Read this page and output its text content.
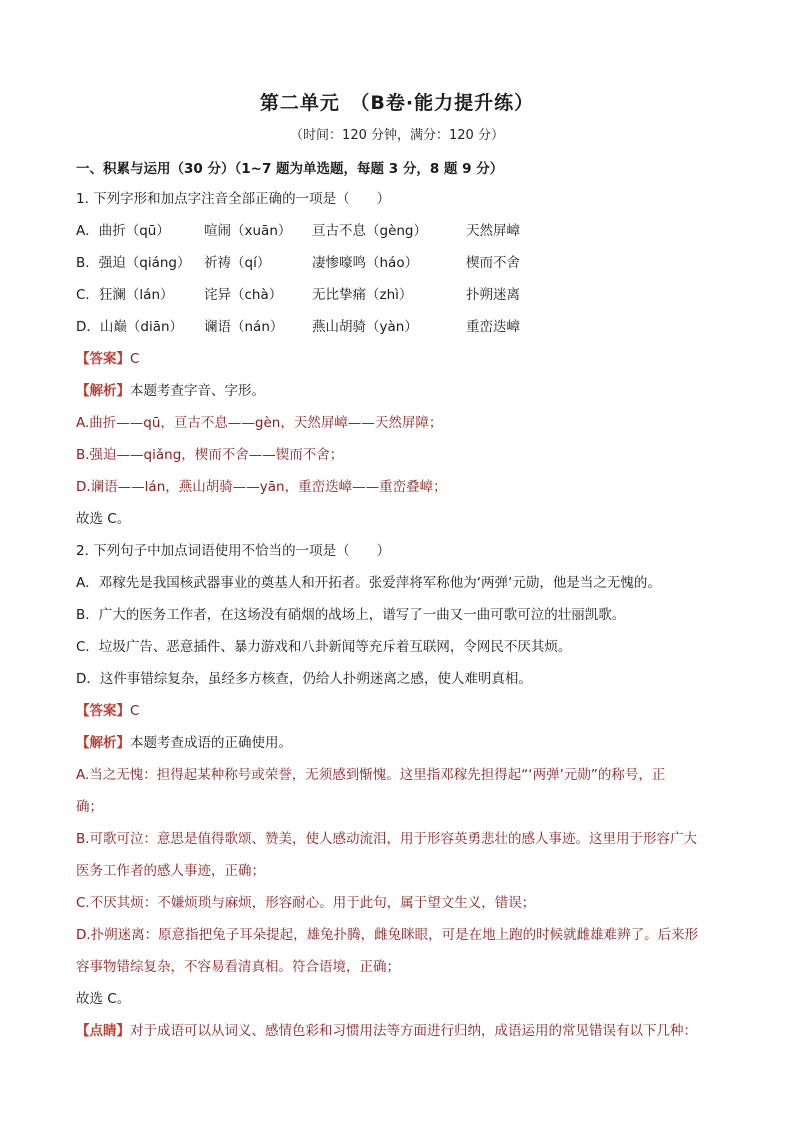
第二单元　（B卷·能力提升练）
（时间：120 分钟，满分：120 分）
一、积累与运用（30 分）（1~7 题为单选题，每题 3 分，8 题 9 分）
1. 下列字形和加点字注音全部正确的一项是（　　）
A．曲折（qū）	喧闹（xuān） 亘古不息（gèng）	天然屏嶂
B．强迫（qiáng） 祈祷（qí）	凄惨嚎鸣（háo）	楔而不舍
C．狂澜（lán） 诧异（chà） 无比挚痛（zhì）	扑朔迷离
D．山巅（diān） 谰语（nán） 燕山胡骑（yàn）	重峦迭嶂
【答案】C
【解析】本题考查字音、字形。
A.曲折——qū，亘古不息——gèn，天然屏嶂——天然屏障；
B.强迫——qiǎng，楔而不舍——锲而不舍；
D.谰语——lán，燕山胡骑——yān，重峦迭嶂——重峦叠嶂；
故选 C。
2. 下列句子中加点词语使用不恰当的一项是（　　）
A．邓稼先是我国核武器事业的奠基人和开拓者。张爱萍将军称他为‘两弹’元勋，他是当之无愧的。
B．广大的医务工作者，在这场没有硝烟的战场上，谱写了一曲又一曲可歌可泣的壮丽凯歌。
C．垃圾广告、恶意插件、暴力游戏和八卦新闻等充斥着互联网，令网民不厌其烦。
D．这件事错综复杂，虽经多方核查，仍给人扑朔迷离之感，使人难明真相。
【答案】C
【解析】本题考查成语的正确使用。
A.当之无愧：担得起某种称号或荣誉，无须感到惭愧。这里指邓稼先担得起“‘两弹’元勋”的称号，正
确；
B.可歌可泣：意思是值得歌颂、赞美，使人感动流泪，用于形容英勇悲壮的感人事迹。这里用于形容广大
医务工作者的感人事迹，正确；
C.不厌其烦：不嫌烦琐与麻烦，形容耐心。用于此句，属于望文生义，错误；
D.扑朔迷离：原意指把兔子耳朵提起，雄兔扑腾，雌兔眯眼，可是在地上跑的时候就雌雄难辨了。后来形
容事物错综复杂，不容易看清真相。符合语境，正确；
故选 C。
【点睛】对于成语可以从词义、感情色彩和习惯用法等方面进行归纳，成语运用的常见错误有以下几种：
